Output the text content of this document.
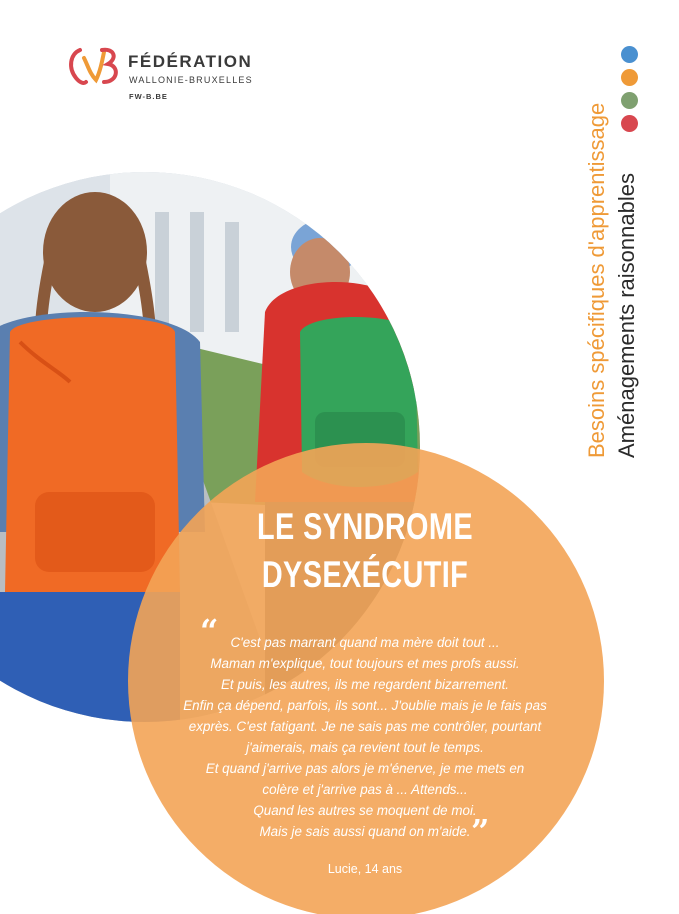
FÉDÉRATION
WALLONIE-BRUXELLES
FW-B.BE
Besoins spécifiques d'apprentissage Aménagements raisonnables
LE SYNDROME
DYSEXÉCUTIF
“ C'est pas marrant quand ma mère doit tout ...
Maman m'explique, tout toujours et mes profs aussi.
Et puis, les autres, ils me regardent bizarrement.
Enfin ça dépend, parfois, ils sont... J'oublie mais je le fais pas
exprès. C'est fatigant. Je ne sais pas me contrôler, pourtant
j'aimerais, mais ça revient tout le temps.
Et quand j'arrive pas alors je m'énerve, je me mets en
colère et j'arrive pas à ... Attends...
Quand les autres se moquent de moi.
Mais je sais aussi quand on m'aide. ”
Lucie, 14 ans
